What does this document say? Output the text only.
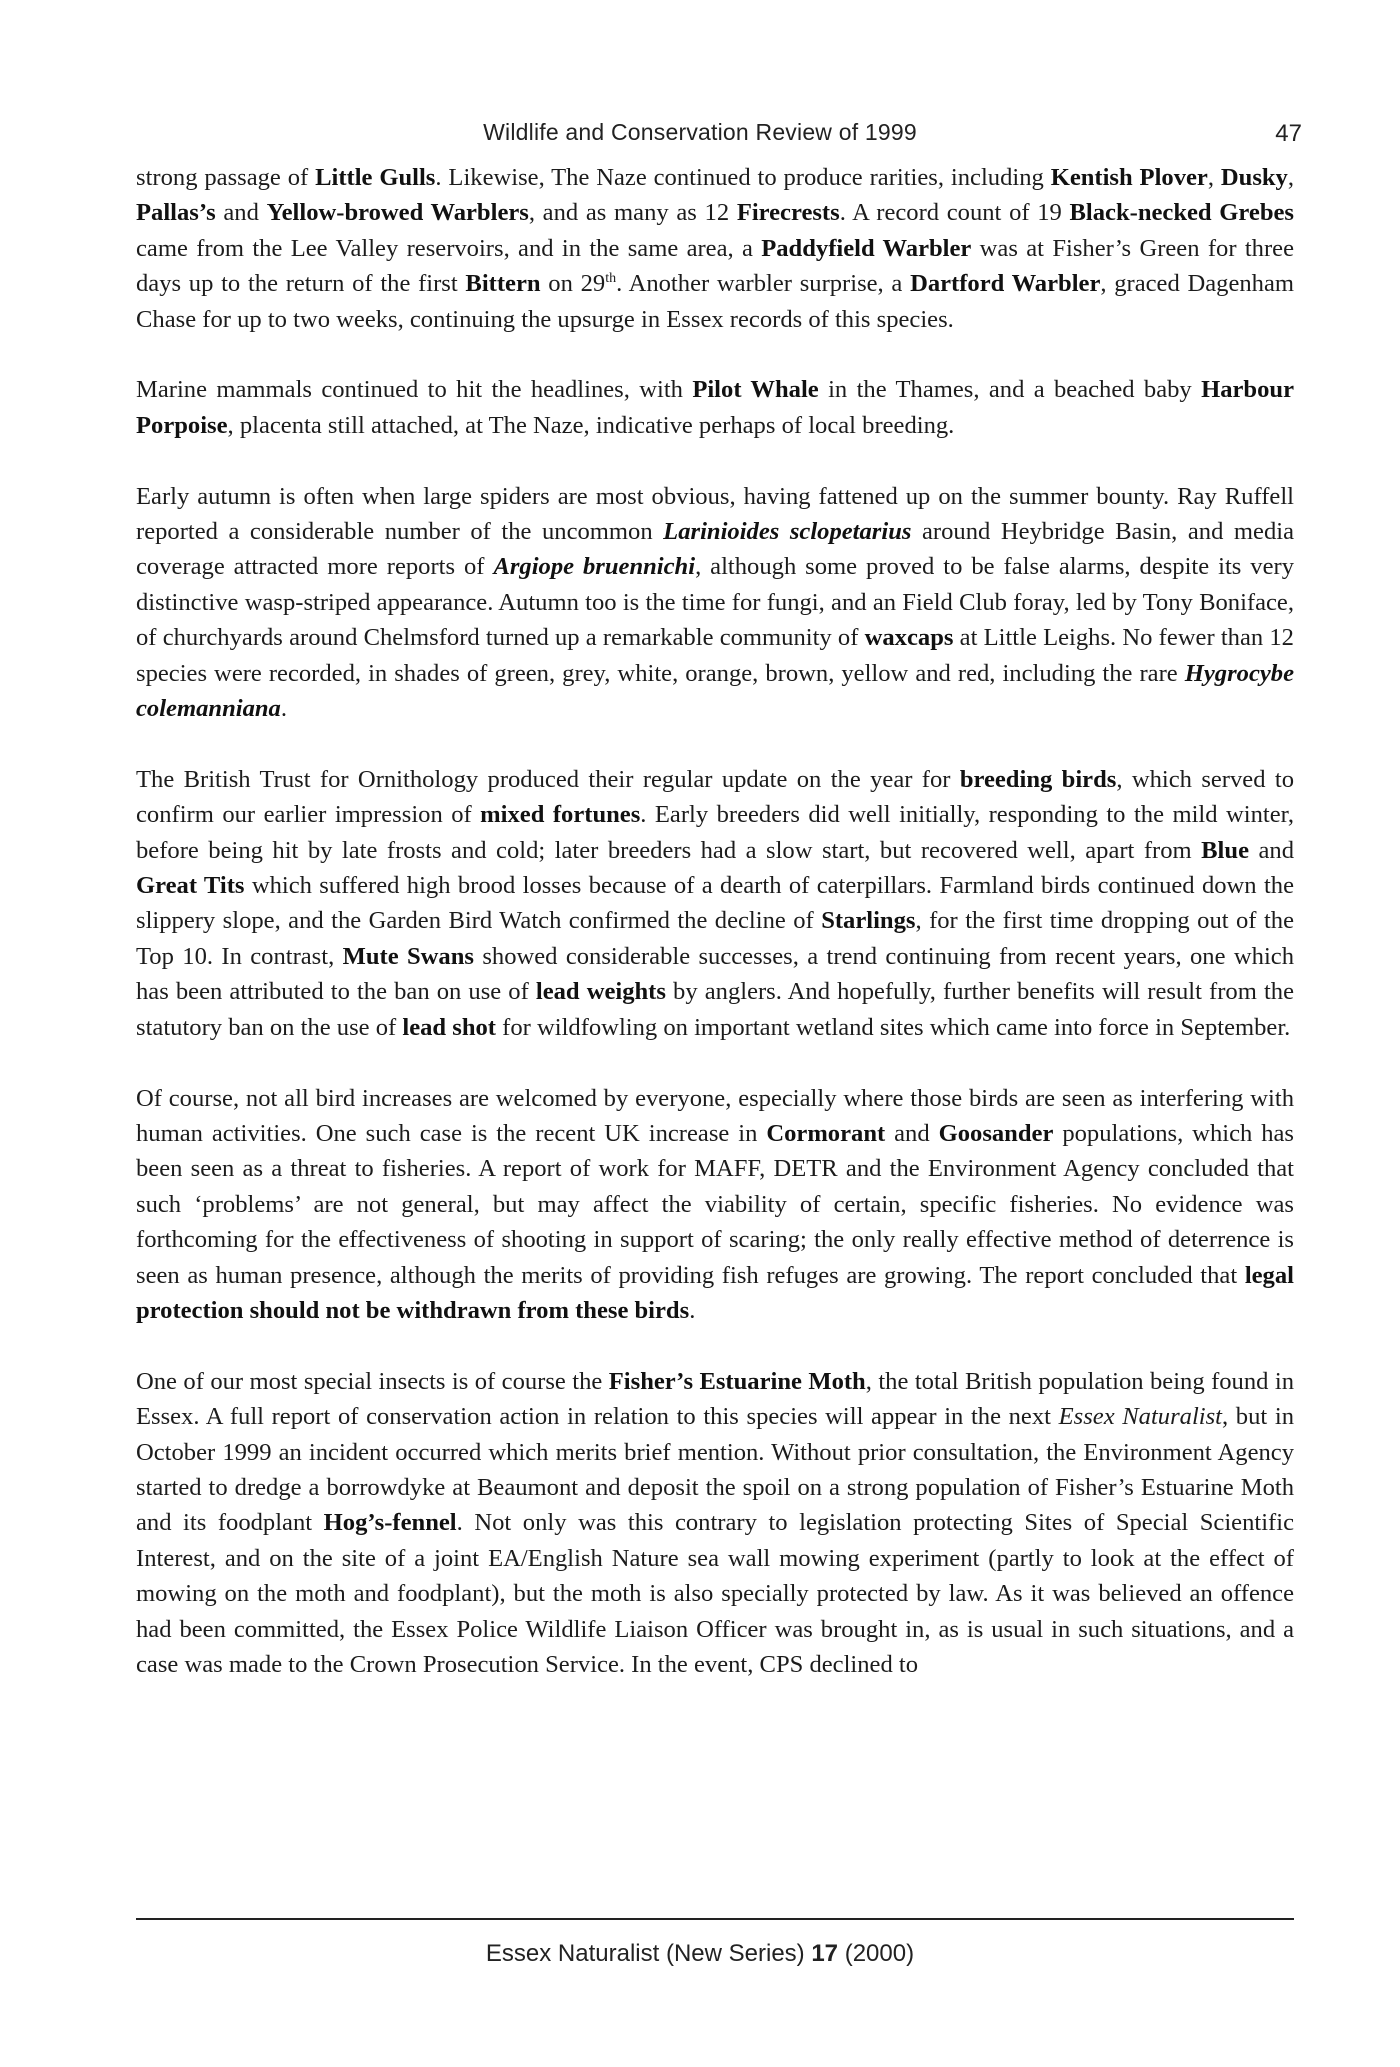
Wildlife and Conservation Review of 1999	47

strong passage of Little Gulls. Likewise, The Naze continued to produce rarities, including Kentish Plover, Dusky, Pallas’s and Yellow-browed Warblers, and as many as 12 Firecrests. A record count of 19 Black-necked Grebes came from the Lee Valley reservoirs, and in the same area, a Paddyfield Warbler was at Fisher’s Green for three days up to the return of the first Bittern on 29th. Another warbler surprise, a Dartford Warbler, graced Dagenham Chase for up to two weeks, continuing the upsurge in Essex records of this species.

Marine mammals continued to hit the headlines, with Pilot Whale in the Thames, and a beached baby Harbour Porpoise, placenta still attached, at The Naze, indicative perhaps of local breeding.

Early autumn is often when large spiders are most obvious, having fattened up on the summer bounty. Ray Ruffell reported a considerable number of the uncommon Larinioides sclopetarius around Heybridge Basin, and media coverage attracted more reports of Argiope bruennichi, although some proved to be false alarms, despite its very distinctive wasp-striped appearance. Autumn too is the time for fungi, and an Field Club foray, led by Tony Boniface, of churchyards around Chelmsford turned up a remarkable community of waxcaps at Little Leighs. No fewer than 12 species were recorded, in shades of green, grey, white, orange, brown, yellow and red, including the rare Hygrocybe colemanniana.

The British Trust for Ornithology produced their regular update on the year for breeding birds, which served to confirm our earlier impression of mixed fortunes. Early breeders did well initially, responding to the mild winter, before being hit by late frosts and cold; later breeders had a slow start, but recovered well, apart from Blue and Great Tits which suffered high brood losses because of a dearth of caterpillars. Farmland birds continued down the slippery slope, and the Garden Bird Watch confirmed the decline of Starlings, for the first time dropping out of the Top 10. In contrast, Mute Swans showed considerable successes, a trend continuing from recent years, one which has been attributed to the ban on use of lead weights by anglers. And hopefully, further benefits will result from the statutory ban on the use of lead shot for wildfowling on important wetland sites which came into force in September.

Of course, not all bird increases are welcomed by everyone, especially where those birds are seen as interfering with human activities. One such case is the recent UK increase in Cormorant and Goosander populations, which has been seen as a threat to fisheries. A report of work for MAFF, DETR and the Environment Agency concluded that such ‘problems’ are not general, but may affect the viability of certain, specific fisheries. No evidence was forthcoming for the effectiveness of shooting in support of scaring; the only really effective method of deterrence is seen as human presence, although the merits of providing fish refuges are growing. The report concluded that legal protection should not be withdrawn from these birds.

One of our most special insects is of course the Fisher’s Estuarine Moth, the total British population being found in Essex. A full report of conservation action in relation to this species will appear in the next Essex Naturalist, but in October 1999 an incident occurred which merits brief mention. Without prior consultation, the Environment Agency started to dredge a borrowdyke at Beaumont and deposit the spoil on a strong population of Fisher’s Estuarine Moth and its foodplant Hog’s-fennel. Not only was this contrary to legislation protecting Sites of Special Scientific Interest, and on the site of a joint EA/English Nature sea wall mowing experiment (partly to look at the effect of mowing on the moth and foodplant), but the moth is also specially protected by law. As it was believed an offence had been committed, the Essex Police Wildlife Liaison Officer was brought in, as is usual in such situations, and a case was made to the Crown Prosecution Service. In the event, CPS declined to

Essex Naturalist (New Series) 17 (2000)
